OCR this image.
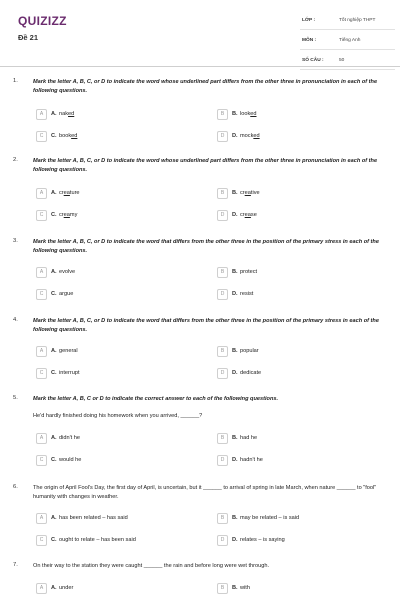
QUIZIZZ
Đề 21
LỚP :	Tốt nghiệp THPT
MÔN :	Tiếng Anh
SỐ CÂU :	50
1.	Mark the letter A, B, C, or D to indicate the word whose underlined part differs from the other three in pronunciation in each of the following questions.
A	A. naked	B	B. looked
C	C. booked	D	D. mocked
2.	Mark the letter A, B, C, or D to indicate the word whose underlined part differs from the other three in pronunciation in each of the following questions.
A	A. creature	B	B. creative
C	C. creamy	D	D. crease
3.	Mark the letter A, B, C, or D to indicate the word that differs from the other three in the position of the primary stress in each of the following questions.
A	A. evolve	B	B. protect
C	C. argue	D	D. resist
4.	Mark the letter A, B, C, or D to indicate the word that differs from the other three in the position of the primary stress in each of the following questions.
A	A. general	B	B. popular
C	C. interrupt	D	D. dedicate
5.	Mark the letter A, B, C or D to indicate the correct answer to each of the following questions.
He'd hardly finished doing his homework when you arrived, ______?
A	A. didn't he	B	B. had he
C	C. would he	D	D. hadn't he
6.	The origin of April Fool's Day, the first day of April, is uncertain, but it ______ to arrival of spring in late March, when nature ______ to "fool" humanity with changes in weather.
A	A. has been related – has said	B	B. may be related – is said
C	C. ought to relate – has been said	D	D. relates – is saying
7.	On their way to the station they were caught ______ the rain and before long were wet through.
A	A. under	B	B. with
